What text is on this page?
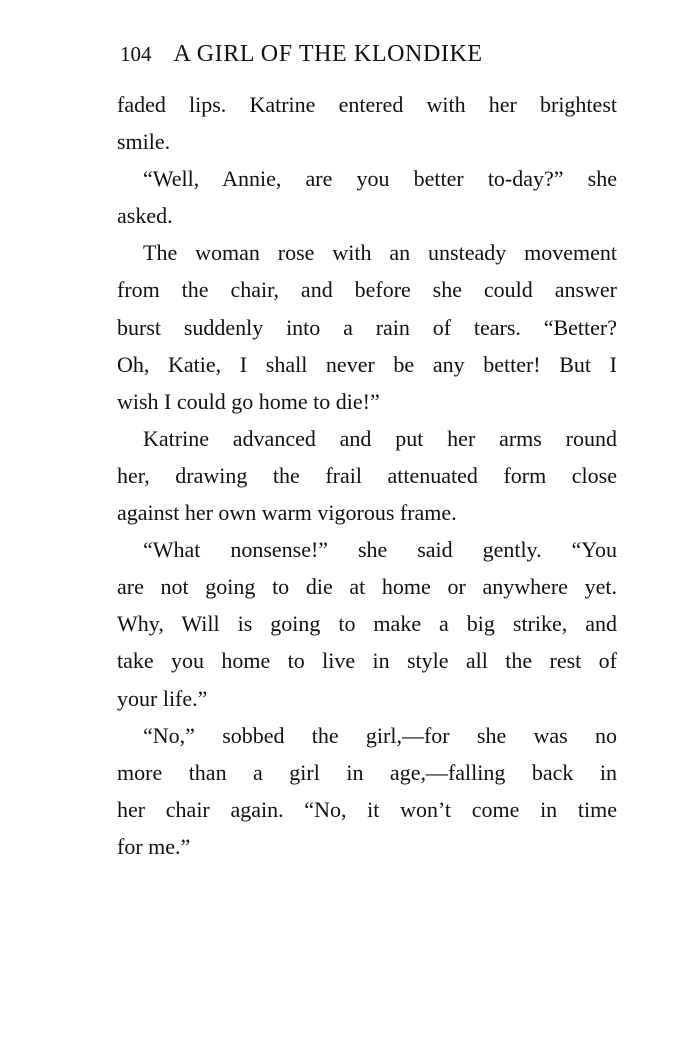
104 A GIRL OF THE KLONDIKE

faded lips. Katrine entered with her brightest
smile.

“Well, Annie, are you better to-day?” she
asked.

The woman rose with an unsteady movement
from the chair, and before she could answer
burst suddenly into a rain of tears. “Better?
Oh, Katie, I shall never be any better! But I
wish I could go home to die!”

Katrine advanced and put her arms round
her, drawing the frail attenuated form close
against her own warm vigorous frame.

“What nonsense!” she said gently. “You
are not going to die at home or anywhere yet.
Why, Will is going to make a big strike, and
take you home to live in style all the rest of
your life.”

“No,” sobbed the girl,—for she was no
more than a girl in age,—falling back in
her chair again. “No, it won’t come in time
for me.”
